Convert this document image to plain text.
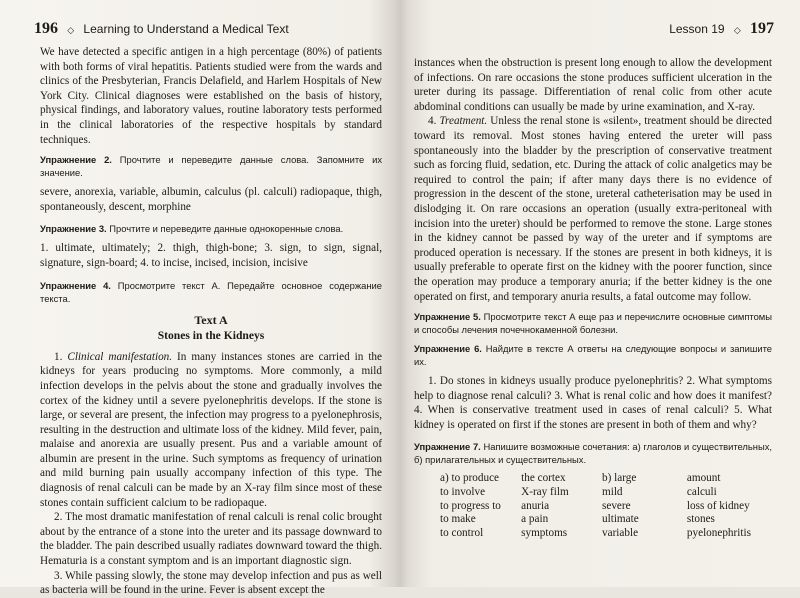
196 ◇ Learning to Understand a Medical Text

We have detected a specific antigen in a high percentage (80%) of patients with both forms of viral hepatitis. Patients studied were from the wards and clinics of the Presbyterian, Francis Delafield, and Harlem Hospitals of New York City. Clinical diagnoses were established on the basis of history, physical findings, and laboratory values, routine laboratory tests performed in the clinical laboratories of the respective hospitals by standard techniques.

Упражнение 2. Прочтите и переведите данные слова. Запомните их значение.

severe, anorexia, variable, albumin, calculus (pl. calculi) radiopaque, thigh, spontaneously, descent, morphine

Упражнение 3. Прочтите и переведите данные однокоренные слова.

1. ultimate, ultimately; 2. thigh, thigh-bone; 3. sign, to sign, signal, signature, sign-board; 4. to incise, incised, incision, incisive

Упражнение 4. Просмотрите текст А. Передайте основное содержание текста.

Text A

Stones in the Kidneys

1. Clinical manifestation. In many instances stones are carried in the kidneys for years producing no symptoms. More commonly, a mild infection develops in the pelvis about the stone and gradually involves the cortex of the kidney until a severe pyelonephritis develops. If the stone is large, or several are present, the infection may progress to a pyelonephrosis, resulting in the destruction and ultimate loss of the kidney. Mild fever, pain, malaise and anorexia are usually present. Pus and a variable amount of albumin are present in the urine. Such symptoms as frequency of urination and mild burning pain usually accompany infection of this type. The diagnosis of renal calculi can be made by an X-ray film since most of these stones contain sufficient calcium to be radiopaque.

2. The most dramatic manifestation of renal calculi is renal colic brought about by the entrance of a stone into the ureter and its passage downward to the bladder. The pain described usually radiates downward toward the thigh. Hematuria is a constant symptom and is an important diagnostic sign.

3. While passing slowly, the stone may develop infection and pus as well as bacteria will be found in the urine. Fever is absent except the

Lesson 19 ◇ 197

instances when the obstruction is present long enough to allow the development of infections. On rare occasions the stone produces sufficient ulceration in the ureter during its passage. Differentiation of renal colic from other acute abdominal conditions can usually be made by urine examination, and X-ray.

4. Treatment. Unless the renal stone is «silent», treatment should be directed toward its removal. Most stones having entered the ureter will pass spontaneously into the bladder by the prescription of conservative treatment such as forcing fluid, sedation, etc. During the attack of colic analgetics may be required to control the pain; if after many days there is no evidence of progression in the descent of the stone, ureteral catheterisation may be used in dislodging it. On rare occasions an operation (usually extra-peritoneal with incision into the ureter) should be performed to remove the stone. Large stones in the kidney cannot be passed by way of the ureter and if symptoms are produced operation is necessary. If the stones are present in both kidneys, it is usually preferable to operate first on the kidney with the poorer function, since the operation may produce a temporary anuria; if the better kidney is the one operated on first, and temporary anuria results, a fatal outcome may follow.

Упражнение 5. Просмотрите текст А еще раз и перечислите основные симптомы и способы лечения почечнокаменной болезни.

Упражнение 6. Найдите в тексте А ответы на следующие вопросы и запишите их.

1. Do stones in kidneys usually produce pyelonephritis? 2. What symptoms help to diagnose renal calculi? 3. What is renal colic and how does it manifest? 4. When is conservative treatment used in cases of renal calculi? 5. What kidney is operated on first if the stones are present in both of them and why?

Упражнение 7. Напишите возможные сочетания: а) глаголов и существительных, б) прилагательных и существительных.

a) to produce	the cortex	b) large	amount
to involve	X-ray film	mild	calculi
to progress to	anuria	severe	loss of kidney
to make	a pain	ultimate	stones
to control	symptoms	variable	pyelonephritis
